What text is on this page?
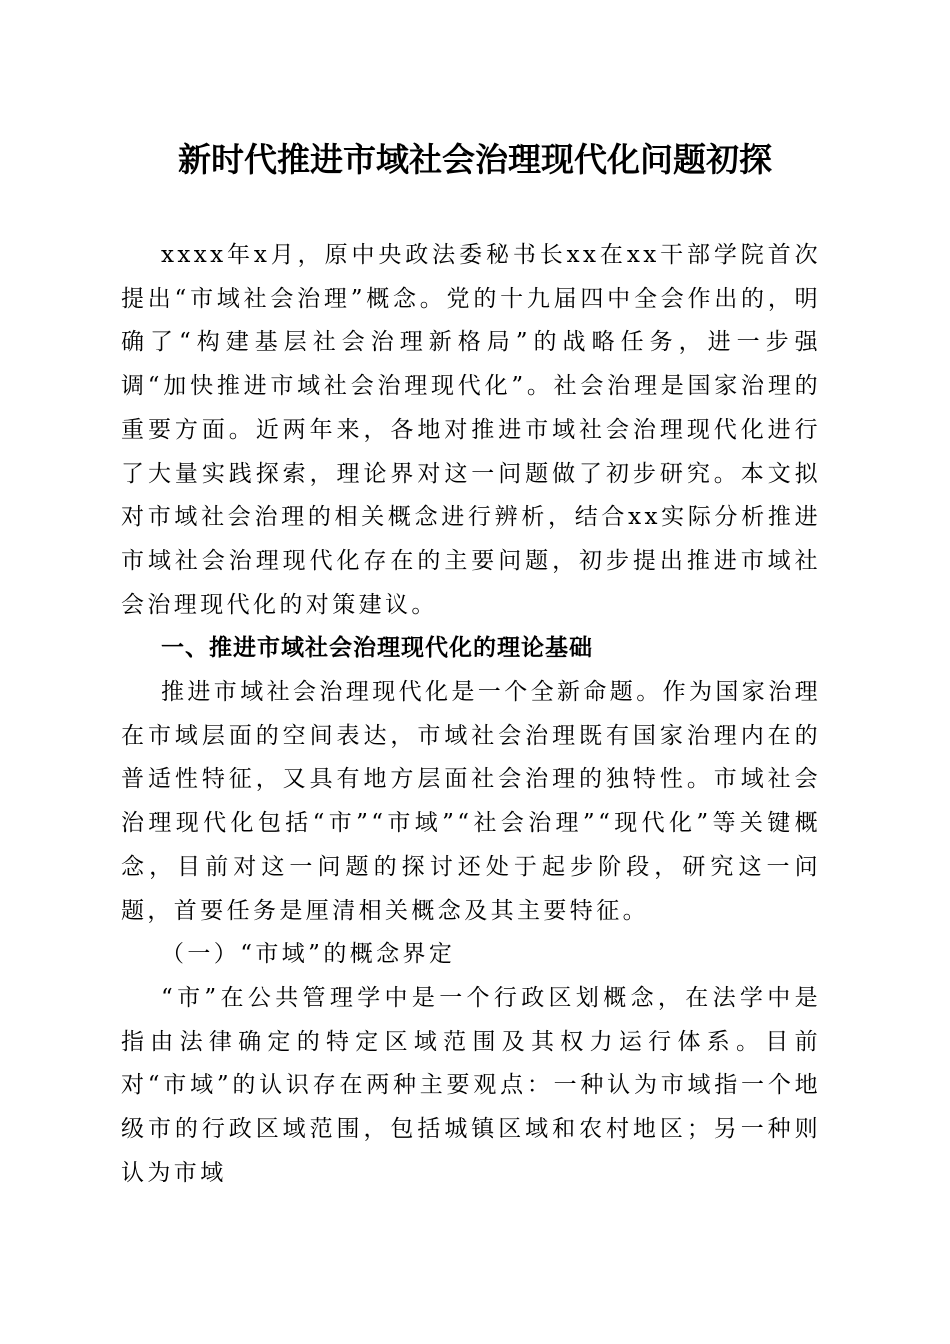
新时代推进市域社会治理现代化问题初探

xxxx年x月，原中央政法委秘书长xx在xx干部学院首次提出“市域社会治理”概念。党的十九届四中全会作出的，明确了“构建基层社会治理新格局”的战略任务，进一步强调“加快推进市域社会治理现代化”。社会治理是国家治理的重要方面。近两年来，各地对推进市域社会治理现代化进行了大量实践探索，理论界对这一问题做了初步研究。本文拟对市域社会治理的相关概念进行辨析，结合xx实际分析推进市域社会治理现代化存在的主要问题，初步提出推进市域社会治理现代化的对策建议。

一、推进市域社会治理现代化的理论基础

推进市域社会治理现代化是一个全新命题。作为国家治理在市域层面的空间表达，市域社会治理既有国家治理内在的普适性特征，又具有地方层面社会治理的独特性。市域社会治理现代化包括“市”“市域”“社会治理”“现代化”等关键概念，目前对这一问题的探讨还处于起步阶段，研究这一问题，首要任务是厘清相关概念及其主要特征。

（一）“市域”的概念界定

“市”在公共管理学中是一个行政区划概念，在法学中是指由法律确定的特定区域范围及其权力运行体系。目前对“市域”的认识存在两种主要观点：一种认为市域指一个地级市的行政区域范围，包括城镇区域和农村地区；另一种则认为市域
